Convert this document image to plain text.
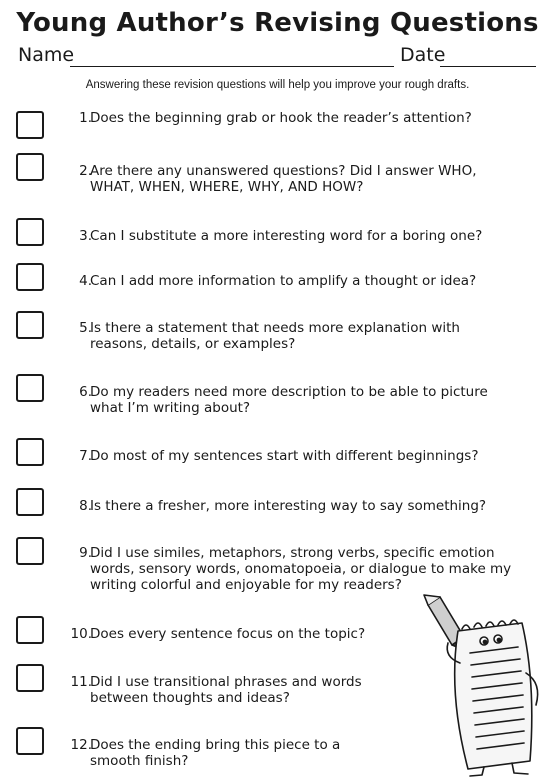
Young Author’s Revising Questions
Name	Date
Answering these revision questions will help you improve your rough drafts.
1.
Does the beginning grab or hook the reader’s attention?
2.
Are there any unanswered questions? Did I answer WHO,
WHAT, WHEN, WHERE, WHY, AND HOW?
3.
Can I substitute a more interesting word for a boring one?
4.
Can I add more information to amplify a thought or idea?
5.
Is there a statement that needs more explanation with
reasons, details, or examples?
6.
Do my readers need more description to be able to picture
what I’m writing about?
7.
Do most of my sentences start with different beginnings?
8.
Is there a fresher, more interesting way to say something?
9.
Did I use similes, metaphors, strong verbs, specific emotion
words, sensory words, onomatopoeia, or dialogue to make my
writing colorful and enjoyable for my readers?
10.
Does every sentence focus on the topic?
11.
Did I use transitional phrases and words
between thoughts and ideas?
12.
Does the ending bring this piece to a
smooth finish?
